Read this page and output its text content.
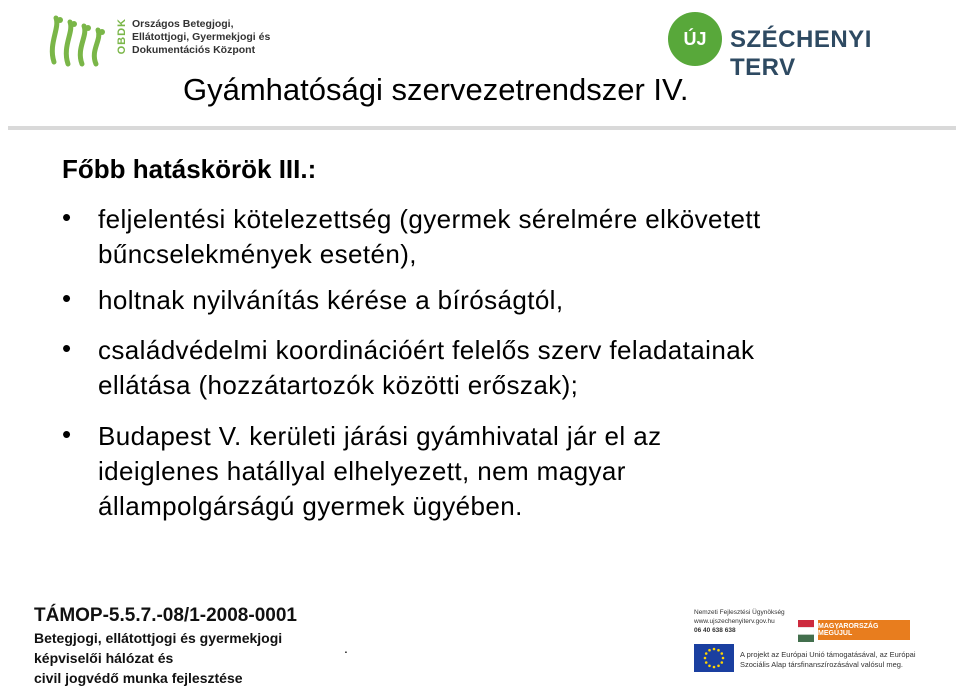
OBDK Országos Betegjogi,
Ellátottjogi, Gyermekjogi és
Dokumentációs Központ
ÚJ SZÉCHENYI TERV
Gyámhatósági szervezetrendszer IV.
Főbb hatáskörök III.:
• feljelentési kötelezettség (gyermek sérelmére elkövetett
bűncselekmények esetén),
• holtnak nyilvánítás kérése a bíróságtól,
• családvédelmi koordinációért felelős szerv feladatainak
ellátása (hozzátartozók közötti erőszak);
• Budapest V. kerületi járási gyámhivatal jár el az
ideiglenes hatállyal elhelyezett, nem magyar
állampolgárságú gyermek ügyében.
TÁMOP-5.5.7.-08/1-2008-0001
Betegjogi, ellátottjogi és gyermekjogi
képviselői hálózat és
civil jogvédő munka fejlesztése
.
Nemzeti Fejlesztési Ügynökség
www.ujszechenyiterv.gov.hu
06 40 638 638
MAGYARORSZÁG MEGÚJUL
A projekt az Európai Unió támogatásával, az Európai Szociális Alap társfinanszírozásával valósul meg.
